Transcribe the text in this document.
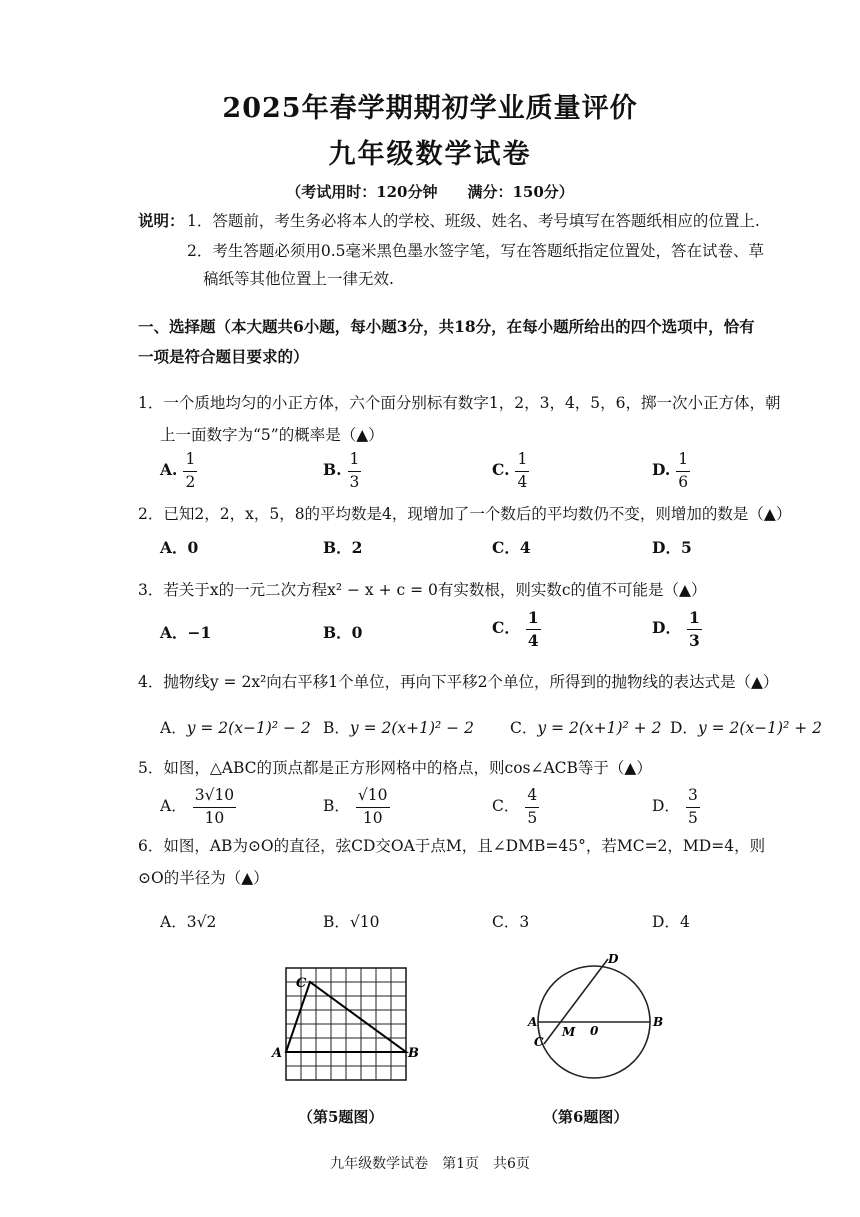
2025年春学期期初学业质量评价
九年级数学试卷
（考试用时：120分钟　　满分：150分）
说明： 1．答题前，考生务必将本人的学校、班级、姓名、考号填写在答题纸相应的位置上.
2．考生答题必须用0.5毫米黑色墨水签字笔，写在答题纸指定位置处，答在试卷、草
稿纸等其他位置上一律无效.
一、选择题（本大题共6小题，每小题3分，共18分，在每小题所给出的四个选项中，恰有
一项是符合题目要求的）
1．一个质地均匀的小正方体，六个面分别标有数字1，2，3，4，5，6，掷一次小正方体，朝
上一面数字为“5”的概率是（▲）
A. $\frac{1}{2}$	B. $\frac{1}{3}$	C. $\frac{1}{4}$	D. $\frac{1}{6}$
2．已知2，2，x，5，8的平均数是4，现增加了一个数后的平均数仍不变，则增加的数是（▲）
A．0	B．2	C．4	D．5
3．若关于x的一元二次方程x² − x + c = 0有实数根，则实数c的值不可能是（▲）
A．−1	B．0	C． $\frac{1}{4}$	D． $\frac{1}{3}$
4．抛物线y = 2x²向右平移1个单位，再向下平移2个单位，所得到的抛物线的表达式是（▲）
A．y = 2(x−1)² − 2 B．y = 2(x+1)² − 2 C．y = 2(x+1)² + 2 D．y = 2(x−1)² + 2
5．如图，△ABC的顶点都是正方形网格中的格点，则cos∠ACB等于（▲）
A． $\frac{3√10}{10}$	B． $\frac{√10}{10}$	C． $\frac{4}{5}$	D． $\frac{3}{5}$
6．如图，AB为⊙O的直径，弦CD交OA于点M，且∠DMB=45°，若MC=2，MD=4，则
⊙O的半径为（▲）
A．3√2	B．√10	C．3	D．4
A	B
C
（第5题图）
A	B
C
D
M 0
（第6题图）
九年级数学试卷　第1页　共6页
